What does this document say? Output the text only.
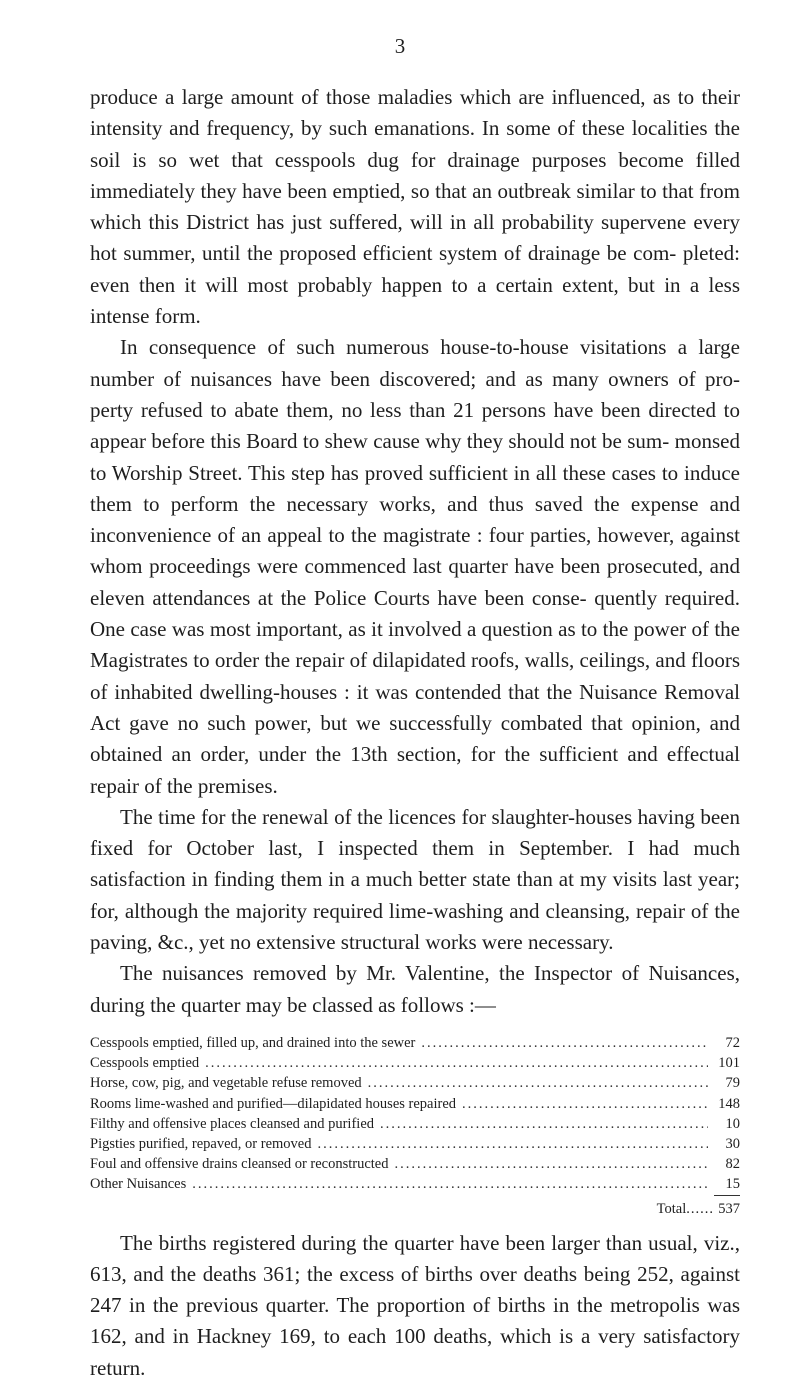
3

produce a large amount of those maladies which are influenced, as to their intensity and frequency, by such emanations. In some of these localities the soil is so wet that cesspools dug for drainage purposes become filled immediately they have been emptied, so that an outbreak similar to that from which this District has just suffered, will in all probability supervene every hot summer, until the proposed efficient system of drainage be com- pleted: even then it will most probably happen to a certain extent, but in a less intense form.

In consequence of such numerous house-to-house visitations a large number of nuisances have been discovered; and as many owners of pro- perty refused to abate them, no less than 21 persons have been directed to appear before this Board to shew cause why they should not be sum- monsed to Worship Street. This step has proved sufficient in all these cases to induce them to perform the necessary works, and thus saved the expense and inconvenience of an appeal to the magistrate : four parties, however, against whom proceedings were commenced last quarter have been prosecuted, and eleven attendances at the Police Courts have been conse- quently required. One case was most important, as it involved a question as to the power of the Magistrates to order the repair of dilapidated roofs, walls, ceilings, and floors of inhabited dwelling-houses : it was contended that the Nuisance Removal Act gave no such power, but we successfully combated that opinion, and obtained an order, under the 13th section, for the sufficient and effectual repair of the premises.

The time for the renewal of the licences for slaughter-houses having been fixed for October last, I inspected them in September. I had much satisfaction in finding them in a much better state than at my visits last year; for, although the majority required lime-washing and cleansing, repair of the paving, &c., yet no extensive structural works were necessary.

The nuisances removed by Mr. Valentine, the Inspector of Nuisances, during the quarter may be classed as follows :—

Cesspools emptied, filled up, and drained into the sewer .....	72
Cesspools emptied .....	101
Horse, cow, pig, and vegetable refuse removed .....	79
Rooms lime-washed and purified—dilapidated houses repaired .....	148
Filthy and offensive places cleansed and purified .....	10
Pigsties purified, repaved, or removed .....	30
Foul and offensive drains cleansed or reconstructed .....	82
Other Nuisances .....	15
Total ...... 537

The births registered during the quarter have been larger than usual, viz., 613, and the deaths 361; the excess of births over deaths being 252, against 247 in the previous quarter. The proportion of births in the metropolis was 162, and in Hackney 169, to each 100 deaths, which is a very satisfactory return.
